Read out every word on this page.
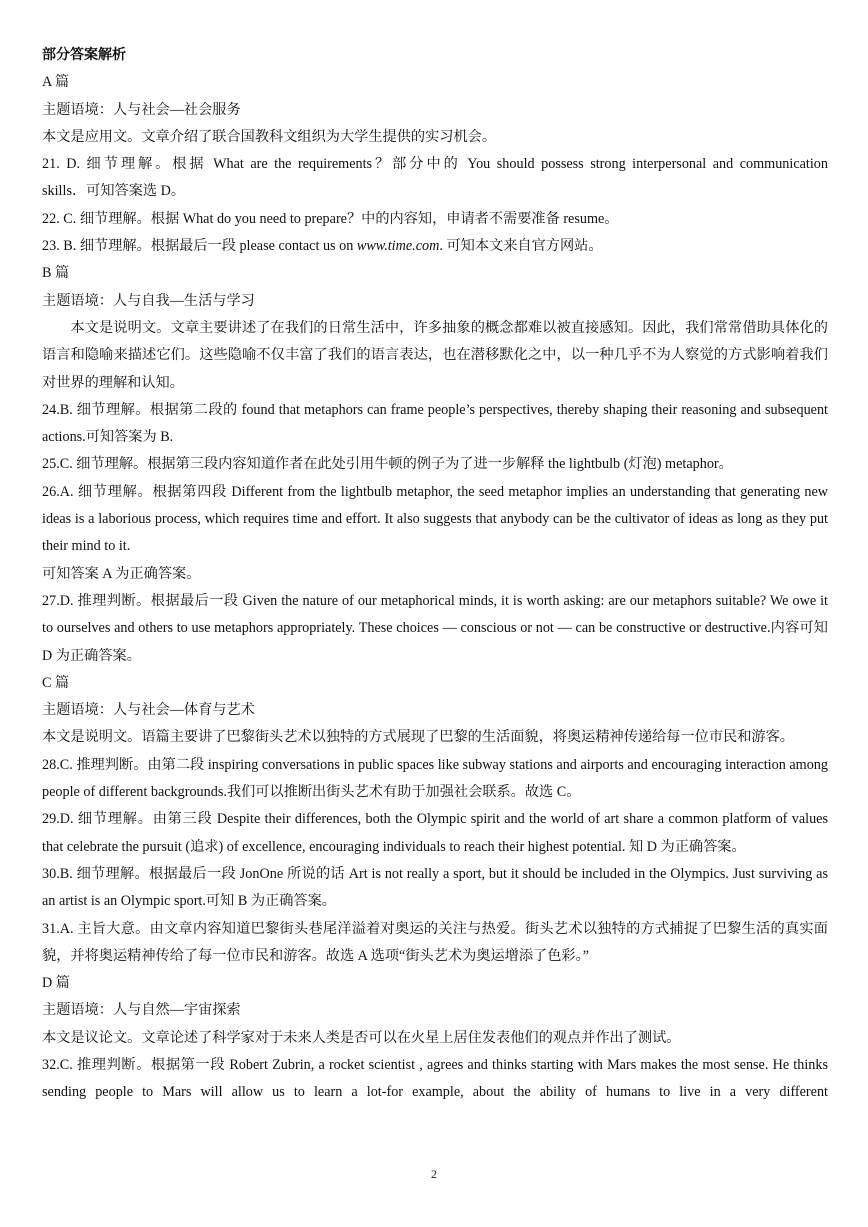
部分答案解析

A 篇

主题语境：人与社会—社会服务

本文是应用文。文章介绍了联合国教科文组织为大学生提供的实习机会。

21. D. 细节理解。根据 What are the requirements？部分中的 You should possess strong interpersonal and communication

skills．可知答案选 D。

22. C. 细节理解。根据 What do you need to prepare？中的内容知，申请者不需要准备 resume。

23. B. 细节理解。根据最后一段 please contact us on www.time.com. 可知本文来自官方网站。

B 篇

主题语境：人与自我—生活与学习

本文是说明文。文章主要讲述了在我们的日常生活中，许多抽象的概念都难以被直接感知。因此，我们常常借助具体化的语言和隐喻来描述它们。这些隐喻不仅丰富了我们的语言表达，也在潜移默化之中，以一种几乎不为人察觉的方式影响着我们对世界的理解和认知。

24.B. 细节理解。根据第二段的 found that metaphors can frame people’s perspectives, thereby shaping their reasoning and subsequent actions.可知答案为 B.

25.C. 细节理解。根据第三段内容知道作者在此处引用牛顿的例子为了进一步解释 the lightbulb (灯泡) metaphor。

26.A. 细节理解。根据第四段 Different from the lightbulb metaphor, the seed metaphor implies an understanding that generating new ideas is a laborious process, which requires time and effort. It also suggests that anybody can be the cultivator of ideas as long as they put their mind to it.

可知答案 A 为正确答案。

27.D. 推理判断。根据最后一段 Given the nature of our metaphorical minds, it is worth asking: are our metaphors suitable? We owe it to ourselves and others to use metaphors appropriately. These choices — conscious or not — can be constructive or destructive.内容可知 D 为正确答案。

C 篇

主题语境：人与社会—体育与艺术

本文是说明文。语篇主要讲了巴黎街头艺术以独特的方式展现了巴黎的生活面貌，将奥运精神传递给每一位市民和游客。

28.C. 推理判断。由第二段 inspiring conversations in public spaces like subway stations and airports and encouraging interaction among people of different backgrounds.我们可以推断出街头艺术有助于加强社会联系。故选 C。

29.D. 细节理解。由第三段 Despite their differences, both the Olympic spirit and the world of art share a common platform of values that celebrate the pursuit (追求) of excellence, encouraging individuals to reach their highest potential. 知 D 为正确答案。

30.B. 细节理解。根据最后一段 JonOne 所说的话 Art is not really a sport, but it should be included in the Olympics. Just surviving as an artist is an Olympic sport.可知 B 为正确答案。

31.A. 主旨大意。由文章内容知道巴黎街头巷尾洋溢着对奥运的关注与热爱。街头艺术以独特的方式捕捉了巴黎生活的真实面貌，并将奥运精神传给了每一位市民和游客。故选 A 选项“街头艺术为奥运增添了色彩。”

D 篇

主题语境：人与自然—宇宙探索

本文是议论文。文章论述了科学家对于未来人类是否可以在火星上居住发表他们的观点并作出了测试。

32.C. 推理判断。根据第一段 Robert Zubrin, a rocket scientist , agrees and thinks starting with Mars makes the most sense. He thinks sending people to Mars will allow us to learn a lot-for example, about the ability of humans to live in a very different

2
